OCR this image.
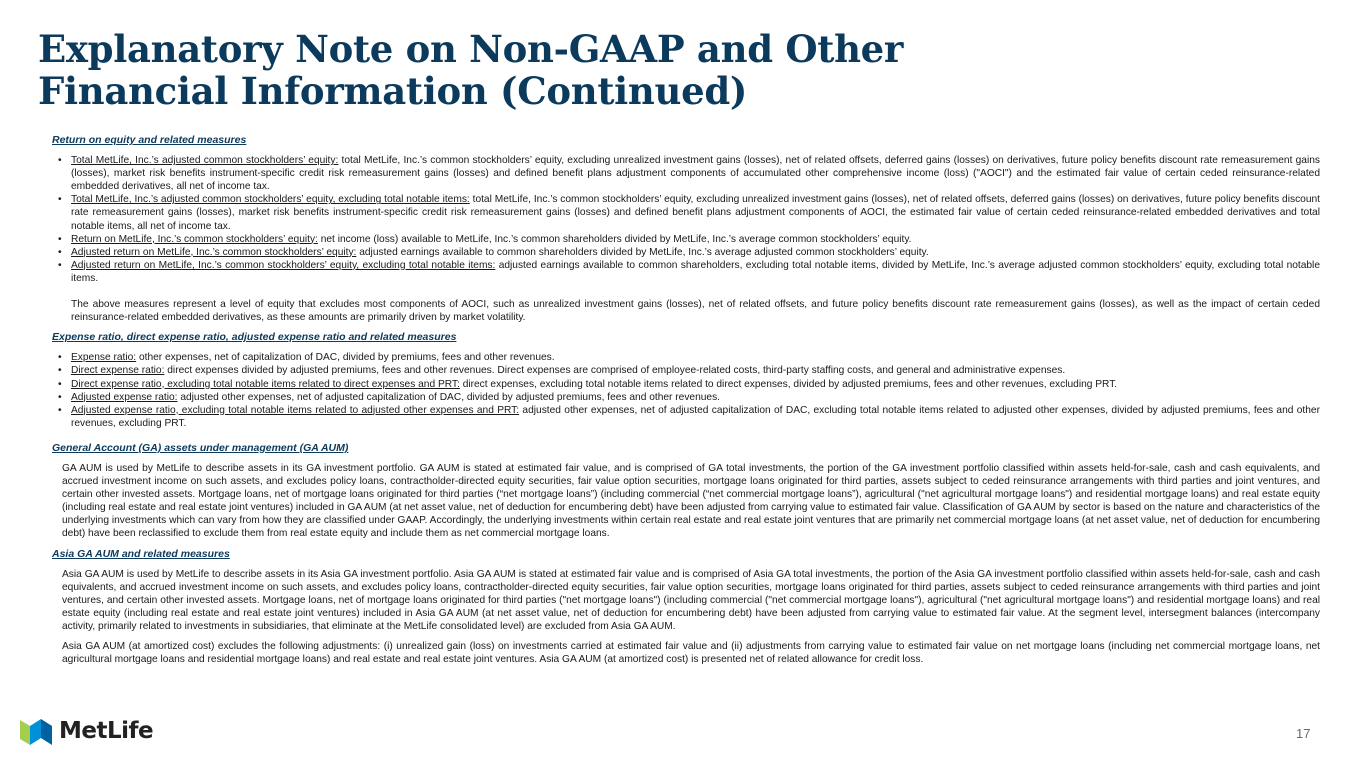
Explanatory Note on Non-GAAP and Other
Financial Information (Continued)
Return on equity and related measures
• Total MetLife, Inc.’s adjusted common stockholders’ equity: total MetLife, Inc.’s common stockholders’ equity, excluding unrealized investment gains (losses), net of related offsets, deferred gains (losses) on derivatives, future policy benefits discount rate remeasurement gains (losses), market risk benefits instrument-specific credit risk remeasurement gains (losses) and defined benefit plans adjustment components of accumulated other comprehensive income (loss) ("AOCI") and the estimated fair value of certain ceded reinsurance-related embedded derivatives, all net of income tax.
• Total MetLife, Inc.’s adjusted common stockholders’ equity, excluding total notable items: total MetLife, Inc.’s common stockholders’ equity, excluding unrealized investment gains (losses), net of related offsets, deferred gains (losses) on derivatives, future policy benefits discount rate remeasurement gains (losses), market risk benefits instrument-specific credit risk remeasurement gains (losses) and defined benefit plans adjustment components of AOCI, the estimated fair value of certain ceded reinsurance-related embedded derivatives and total notable items, all net of income tax.
• Return on MetLife, Inc.’s common stockholders’ equity: net income (loss) available to MetLife, Inc.’s common shareholders divided by MetLife, Inc.’s average common stockholders’ equity.
• Adjusted return on MetLife, Inc.’s common stockholders’ equity: adjusted earnings available to common shareholders divided by MetLife, Inc.’s average adjusted common stockholders’ equity.
• Adjusted return on MetLife, Inc.’s common stockholders’ equity, excluding total notable items: adjusted earnings available to common shareholders, excluding total notable items, divided by MetLife, Inc.’s average adjusted common stockholders’ equity, excluding total notable items.

The above measures represent a level of equity that excludes most components of AOCI, such as unrealized investment gains (losses), net of related offsets, and future policy benefits discount rate remeasurement gains (losses), as well as the impact of certain ceded reinsurance-related embedded derivatives, as these amounts are primarily driven by market volatility.

Expense ratio, direct expense ratio, adjusted expense ratio and related measures
• Expense ratio: other expenses, net of capitalization of DAC, divided by premiums, fees and other revenues.
• Direct expense ratio: direct expenses divided by adjusted premiums, fees and other revenues. Direct expenses are comprised of employee-related costs, third-party staffing costs, and general and administrative expenses.
• Direct expense ratio, excluding total notable items related to direct expenses and PRT: direct expenses, excluding total notable items related to direct expenses, divided by adjusted premiums, fees and other revenues, excluding PRT.
• Adjusted expense ratio: adjusted other expenses, net of adjusted capitalization of DAC, divided by adjusted premiums, fees and other revenues.
• Adjusted expense ratio, excluding total notable items related to adjusted other expenses and PRT: adjusted other expenses, net of adjusted capitalization of DAC, excluding total notable items related to adjusted other expenses, divided by adjusted premiums, fees and other revenues, excluding PRT.
General Account (GA) assets under management (GA AUM)

GA AUM is used by MetLife to describe assets in its GA investment portfolio. GA AUM is stated at estimated fair value, and is comprised of GA total investments, the portion of the GA investment portfolio classified within assets held-for-sale, cash and cash equivalents, and accrued investment income on such assets, and excludes policy loans, contractholder-directed equity securities, fair value option securities, mortgage loans originated for third parties, assets subject to ceded reinsurance arrangements with third parties and joint ventures, and certain other invested assets. Mortgage loans, net of mortgage loans originated for third parties (“net mortgage loans”) (including commercial (“net commercial mortgage loans”), agricultural ("net agricultural mortgage loans") and residential mortgage loans) and real estate equity (including real estate and real estate joint ventures) included in GA AUM (at net asset value, net of deduction for encumbering debt) have been adjusted from carrying value to estimated fair value. Classification of GA AUM by sector is based on the nature and characteristics of the underlying investments which can vary from how they are classified under GAAP. Accordingly, the underlying investments within certain real estate and real estate joint ventures that are primarily net commercial mortgage loans (at net asset value, net of deduction for encumbering debt) have been reclassified to exclude them from real estate equity and include them as net commercial mortgage loans.

Asia GA AUM and related measures

Asia GA AUM is used by MetLife to describe assets in its Asia GA investment portfolio. Asia GA AUM is stated at estimated fair value and is comprised of Asia GA total investments, the portion of the Asia GA investment portfolio classified within assets held-for-sale, cash and cash equivalents, and accrued investment income on such assets, and excludes policy loans, contractholder-directed equity securities, fair value option securities, mortgage loans originated for third parties, assets subject to ceded reinsurance arrangements with third parties and joint ventures, and certain other invested assets. Mortgage loans, net of mortgage loans originated for third parties ("net mortgage loans") (including commercial ("net commercial mortgage loans"), agricultural ("net agricultural mortgage loans") and residential mortgage loans) and real estate equity (including real estate and real estate joint ventures) included in Asia GA AUM (at net asset value, net of deduction for encumbering debt) have been adjusted from carrying value to estimated fair value. At the segment level, intersegment balances (intercompany activity, primarily related to investments in subsidiaries, that eliminate at the MetLife consolidated level) are excluded from Asia GA AUM.

Asia GA AUM (at amortized cost) excludes the following adjustments: (i) unrealized gain (loss) on investments carried at estimated fair value and (ii) adjustments from carrying value to estimated fair value on net mortgage loans (including net commercial mortgage loans, net agricultural mortgage loans and residential mortgage loans) and real estate and real estate joint ventures. Asia GA AUM (at amortized cost) is presented net of related allowance for credit loss.

MetLife	17
